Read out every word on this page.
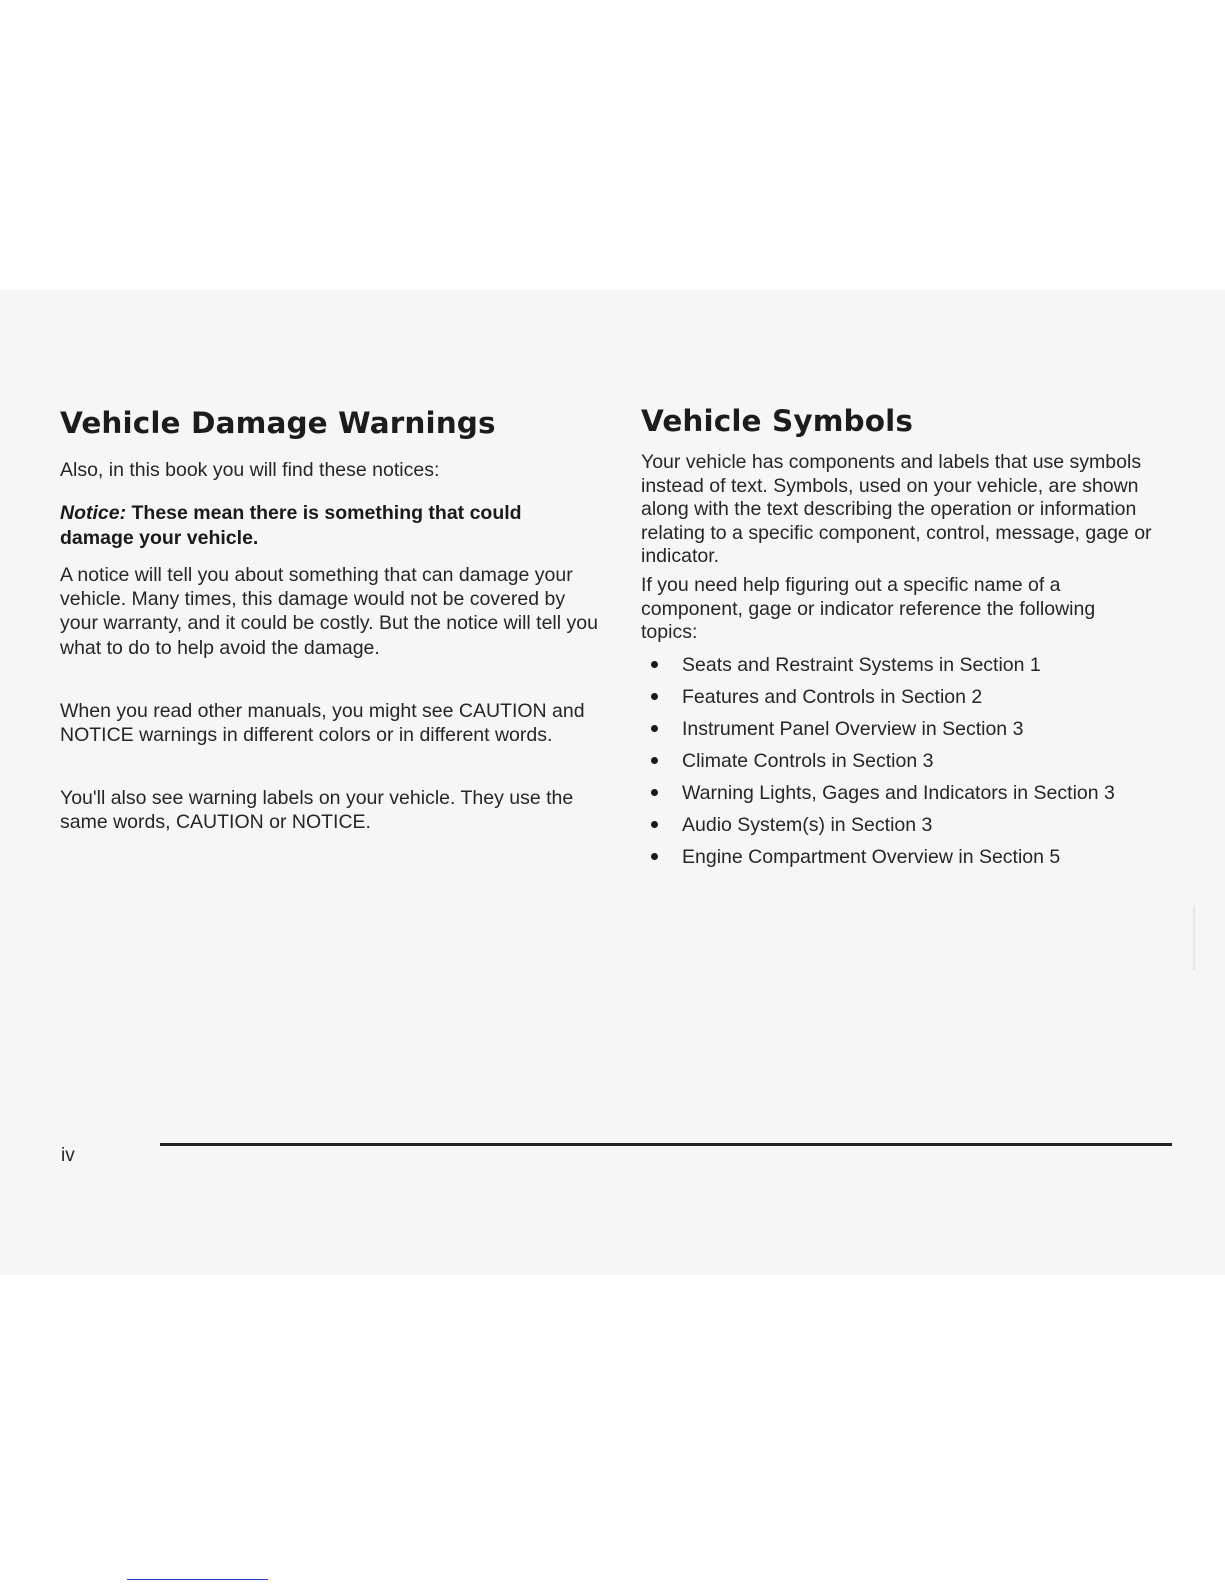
Vehicle Damage Warnings

Also, in this book you will find these notices:

Notice: These mean there is something that could damage your vehicle.

A notice will tell you about something that can damage your vehicle. Many times, this damage would not be covered by your warranty, and it could be costly. But the notice will tell you what to do to help avoid the damage.

When you read other manuals, you might see CAUTION and NOTICE warnings in different colors or in different words.

You'll also see warning labels on your vehicle. They use the same words, CAUTION or NOTICE.

Vehicle Symbols

Your vehicle has components and labels that use symbols instead of text. Symbols, used on your vehicle, are shown along with the text describing the operation or information relating to a specific component, control, message, gage or indicator.

If you need help figuring out a specific name of a component, gage or indicator reference the following topics:

Seats and Restraint Systems in Section 1
Features and Controls in Section 2
Instrument Panel Overview in Section 3
Climate Controls in Section 3
Warning Lights, Gages and Indicators in Section 3
Audio System(s) in Section 3
Engine Compartment Overview in Section 5
iv
